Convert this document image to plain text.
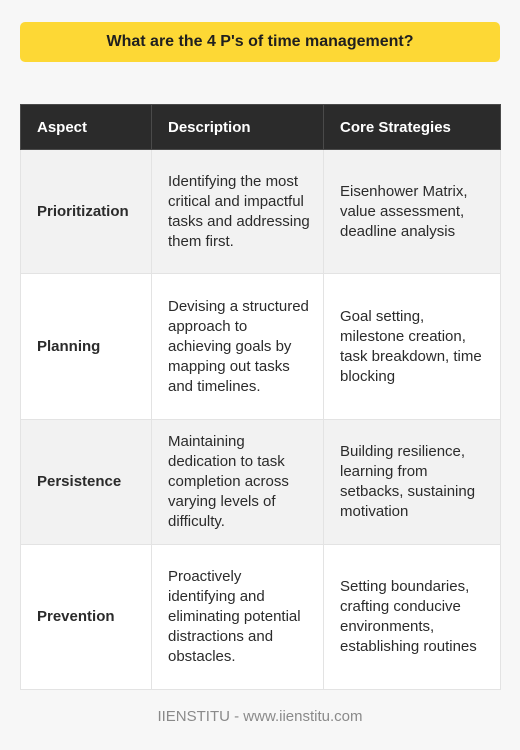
What are the 4 P's of time management?
Aspect	Description	Core Strategies
Prioritization	Identifying the most critical and impactful tasks and addressing them first.	Eisenhower Matrix, value assessment, deadline analysis
Planning	Devising a structured approach to achieving goals by mapping out tasks and timelines.	Goal setting, milestone creation, task breakdown, time blocking
Persistence	Maintaining dedication to task completion across varying levels of difficulty.	Building resilience, learning from setbacks, sustaining motivation
Prevention	Proactively identifying and eliminating potential distractions and obstacles.	Setting boundaries, crafting conducive environments, establishing routines
IIENSTITU - www.iienstitu.com
